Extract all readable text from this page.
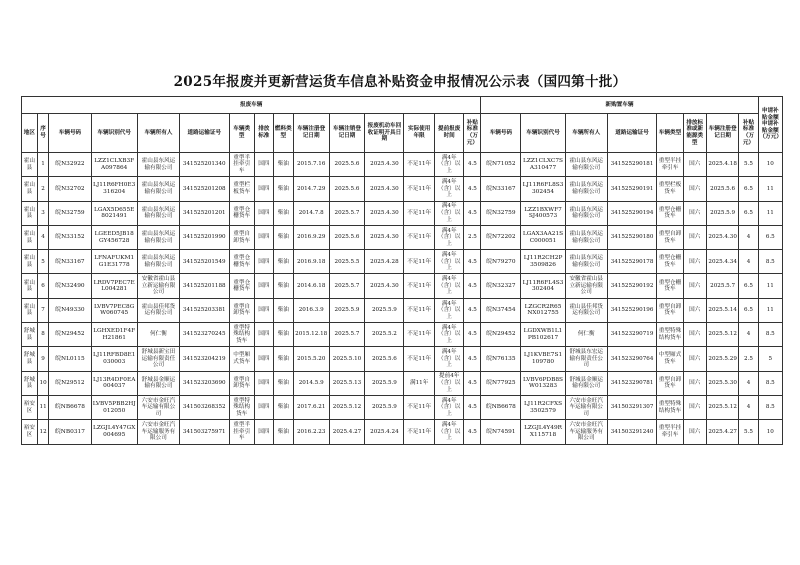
2025年报废并更新营运货车信息补贴资金申报情况公示表（国四第十批）
报废车辆															新购置车辆								申请补贴金额
申请补贴金额（万元）
地区	序号	车辆号码	车辆识别代号	车辆所有人	道路运输证号	车辆类型	排放标准	燃料类型	车辆注册登记日期	车辆注销登记日期	报废机动车回收证明开具日期	实际使用年限	提前报废时间	补贴标准（万元）	车辆号码	车辆识别代号	车辆所有人	道路运输证号	车辆类型	排放标准或新能源类型	车辆注册登记日期	补贴标准（万元）	
霍山县	1	皖N32922	LZZ1CLXB3FA097864	霍山县东风运输有限公司	341525201340	重型半挂牵引车	国四	柴油	2015.7.16	2025.5.6	2025.4.30	不足11年	满4年（含）以上	4.5	皖N71052	LZZ1CLXC7SA310477	霍山县东风运输有限公司	341525290181	重型半挂牵引车	国六	2025.4.18	5.5	10
霍山县	2	皖N32702	LJ11R6FH0E3316204	霍山县东风运输有限公司	341525201208	重型栏板货车	国四	柴油	2014.7.29	2025.5.6	2025.4.30	不足11年	满4年（含）以上	4.5	皖N33167	LJ11R6FL8S3302454	霍山县东风运输有限公司	341525290191	重型栏板货车	国六	2025.5.6	6.5	11
霍山县	3	皖N32759	LGAX5D655E8021491	霍山县东风运输有限公司	341525201201	重型仓栅货车	国四	柴油	2014.7.8	2025.5.7	2025.4.30	不足11年	满4年（含）以上	4.5	皖N32759	LZZ1BXWF7SJ400573	霍山县东风运输有限公司	341525290194	重型仓栅货车	国六	2025.5.9	6.5	11
霍山县	4	皖N33152	LGEED5JB18GY456728	霍山县东风运输有限公司	341525201990	重型自卸货车	国四	柴油	2016.9.29	2025.5.6	2025.4.30	不足11年	满4年（含）以上	2.5	皖N72202	LGAX3AA21SC000051	霍山县东风运输有限公司	341525290180	重型自卸货车	国六	2025.4.30	4	6.5
霍山县	5	皖N33167	LFNAFUKM1G1E31778	霍山县东风运输有限公司	341525201549	重型仓栅货车	国四	柴油	2016.9.18	2025.5.5	2025.4.28	不足11年	满4年（含）以上	4.5	皖N79270	LJ11R2CH2P3509826	霍山县东风运输有限公司	341525290178	重型仓栅货车	国六	2025.4.34	4	8.5
霍山县	6	皖N32490	LRDV7PEC7EL004281	安徽省霍山县立新运输有限公司	341525201188	重型仓栅货车	国四	柴油	2014.6.18	2025.5.7	2025.4.30	不足11年	满4年（含）以上	4.5	皖N32327	LJ11R6FL4S3302404	安徽省霍山县立新运输有限公司	341525290192	重型仓栅货车	国六	2025.5.7	6.5	11
霍山县	7	皖N49330	LVBV7PEC8GW060745	霍山县佳邦货运有限公司	341525203381	重型自卸货车	国四	柴油	2016.3.9	2025.5.9	2025.5.9	不足11年	满4年（含）以上	4.5	皖N37454	LZGCR2R65NX012755	霍山县佳邦货运有限公司	341525290196	重型自卸货车	国六	2025.5.14	6.5	11
舒城县	8	皖N29452	LGHXED1F4FH21861	何仁衡	341523270245	重型特殊结构货车	国四	柴油	2015.12.18	2025.5.7	2025.5.2	不足11年	满4年（含）以上	4.5	皖N29452	LGDXWB1L1PB102617	何仁衡	341523290719	重型特殊结构货车	国六	2025.5.12	4	8.5
舒城县	9	皖NL0115	LJ11RFBD8E1030003	舒城县新宝田运输有限责任公司	341523204219	中型厢式货车	国四	柴油	2015.5.20	2025.5.10	2025.5.6	不足11年	满4年（含）以上	4.5	皖N76135	LJ1KVBE7S1109780	舒城县东宏运输有限责任公司	341523290764	中型厢式货车	国六	2025.5.29	2.5	5
舒城县	10	皖N29512	LJ13R4DF0EA004037	舒城县金顺运输有限公司	341523203690	重型自卸货车	国四	柴油	2014.5.9	2025.5.13	2025.5.9	满11年	提前4年（含）以上	4.5	皖N77925	LVBV6PDB8SW013283	舒城县金顺运输有限公司	341523290781	重型自卸货车	国六	2025.5.30	4	8.5
裕安区	11	皖NB6678	LVBV5PBB2HJ012050	六安市金旺汽车运输有限公司	341503268352	重型特殊结构货车	国四	柴油	2017.6.21	2025.5.12	2025.5.9	不足11年	满4年（含）以上	4.5	皖NB6678	LJ11R2CFXS3502579	六安市金旺汽车运输有限公司	341503291307	重型特殊结构货车	国六	2025.5.12	4	8.5
裕安区	12	皖NB0317	LZGJL4Y47GX004695	六安市金旺汽车运输服务有限公司	341503275971	重型半挂牵引车	国四	柴油	2016.2.23	2025.4.27	2025.4.24	不足11年	满4年（含）以上	4.5	皖N74591	LZGJL4Y49RX115718	六安市金旺汽车运输服务有限公司	341503291240	重型半挂牵引车	国六	2025.4.27	5.5	10
